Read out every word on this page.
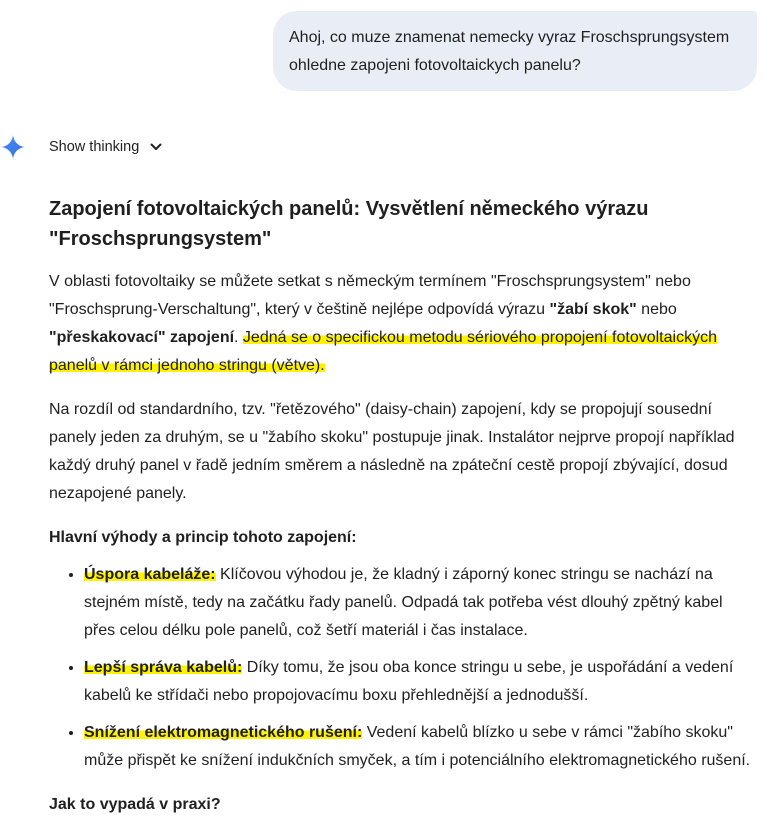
Ahoj, co muze znamenat nemecky vyraz Froschsprungsystem ohledne zapojeni fotovoltaickych panelu?
Show thinking
Zapojení fotovoltaických panelů: Vysvětlení německého výrazu "Froschsprungsystem"

V oblasti fotovoltaiky se můžete setkat s německým termínem "Froschsprungsystem" nebo "Froschsprung-Verschaltung", který v češtině nejlépe odpovídá výrazu "žabí skok" nebo "přeskakovací" zapojení. Jedná se o specifickou metodu sériového propojení fotovoltaických panelů v rámci jednoho stringu (větve).

Na rozdíl od standardního, tzv. "řetězového" (daisy-chain) zapojení, kdy se propojují sousední panely jeden za druhým, se u "žabího skoku" postupuje jinak. Instalátor nejprve propojí například každý druhý panel v řadě jedním směrem a následně na zpáteční cestě propojí zbývající, dosud nezapojené panely.

Hlavní výhody a princip tohoto zapojení:

• Úspora kabeláže: Klíčovou výhodou je, že kladný i záporný konec stringu se nachází na stejném místě, tedy na začátku řady panelů. Odpadá tak potřeba vést dlouhý zpětný kabel přes celou délku pole panelů, což šetří materiál i čas instalace.
• Lepší správa kabelů: Díky tomu, že jsou oba konce stringu u sebe, je uspořádání a vedení kabelů ke střídači nebo propojovacímu boxu přehlednější a jednodušší.
• Snížení elektromagnetického rušení: Vedení kabelů blízko u sebe v rámci "žabího skoku" může přispět ke snížení indukčních smyček, a tím i potenciálního elektromagnetického rušení.

Jak to vypadá v praxi?
